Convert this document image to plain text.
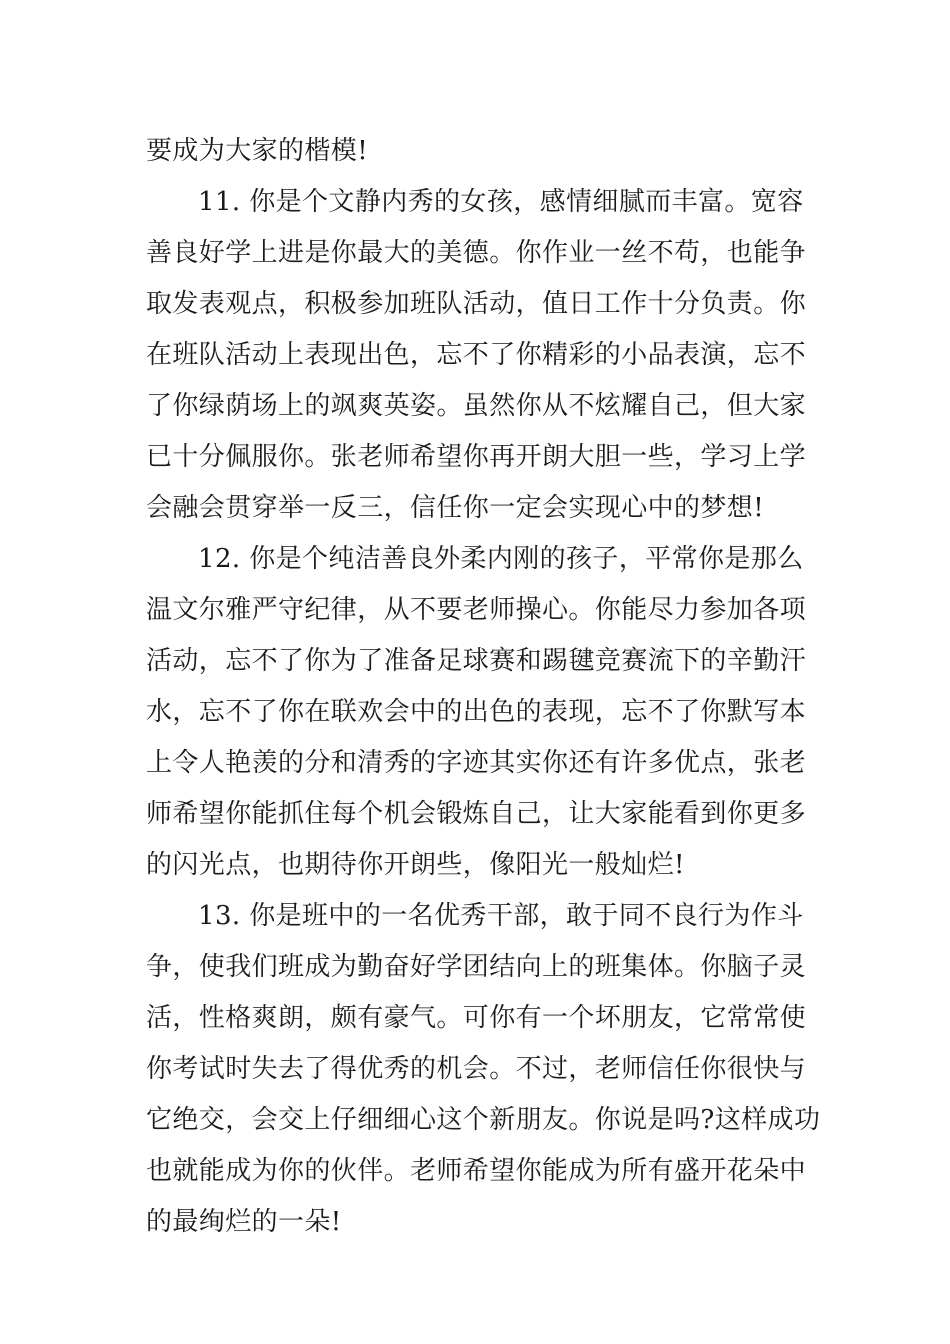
要成为大家的楷模!
11. 你是个文静内秀的女孩，感情细腻而丰富。宽容
善良好学上进是你最大的美德。你作业一丝不苟，也能争
取发表观点，积极参加班队活动，值日工作十分负责。你
在班队活动上表现出色，忘不了你精彩的小品表演，忘不
了你绿荫场上的飒爽英姿。虽然你从不炫耀自己，但大家
已十分佩服你。张老师希望你再开朗大胆一些，学习上学
会融会贯穿举一反三，信任你一定会实现心中的梦想!
12. 你是个纯洁善良外柔内刚的孩子，平常你是那么
温文尔雅严守纪律，从不要老师操心。你能尽力参加各项
活动，忘不了你为了准备足球赛和踢毽竞赛流下的辛勤汗
水，忘不了你在联欢会中的出色的表现，忘不了你默写本
上令人艳羡的分和清秀的字迹其实你还有许多优点，张老
师希望你能抓住每个机会锻炼自己，让大家能看到你更多
的闪光点，也期待你开朗些，像阳光一般灿烂!
13. 你是班中的一名优秀干部，敢于同不良行为作斗
争，使我们班成为勤奋好学团结向上的班集体。你脑子灵
活，性格爽朗，颇有豪气。可你有一个坏朋友，它常常使
你考试时失去了得优秀的机会。不过，老师信任你很快与
它绝交，会交上仔细细心这个新朋友。你说是吗?这样成功
也就能成为你的伙伴。老师希望你能成为所有盛开花朵中
的最绚烂的一朵!
